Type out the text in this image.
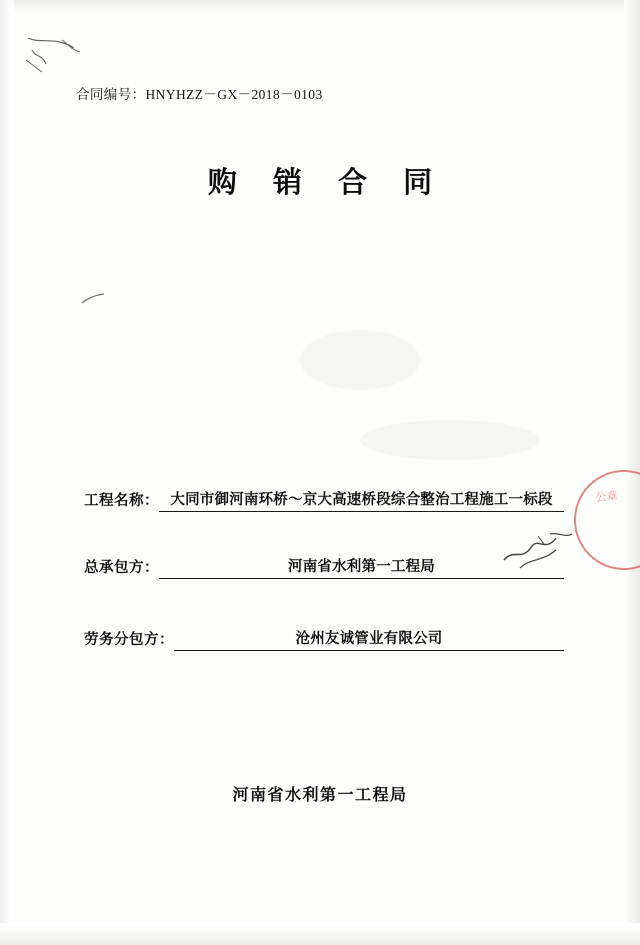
合同编号：HNYHZZ－GX－2018－0103
购 销 合 同
工程名称： 大同市御河南环桥～京大高速桥段综合整治工程施工一标段
总承包方：	河南省水利第一工程局
劳务分包方：	沧州友诚管业有限公司
公章
河南省水利第一工程局
